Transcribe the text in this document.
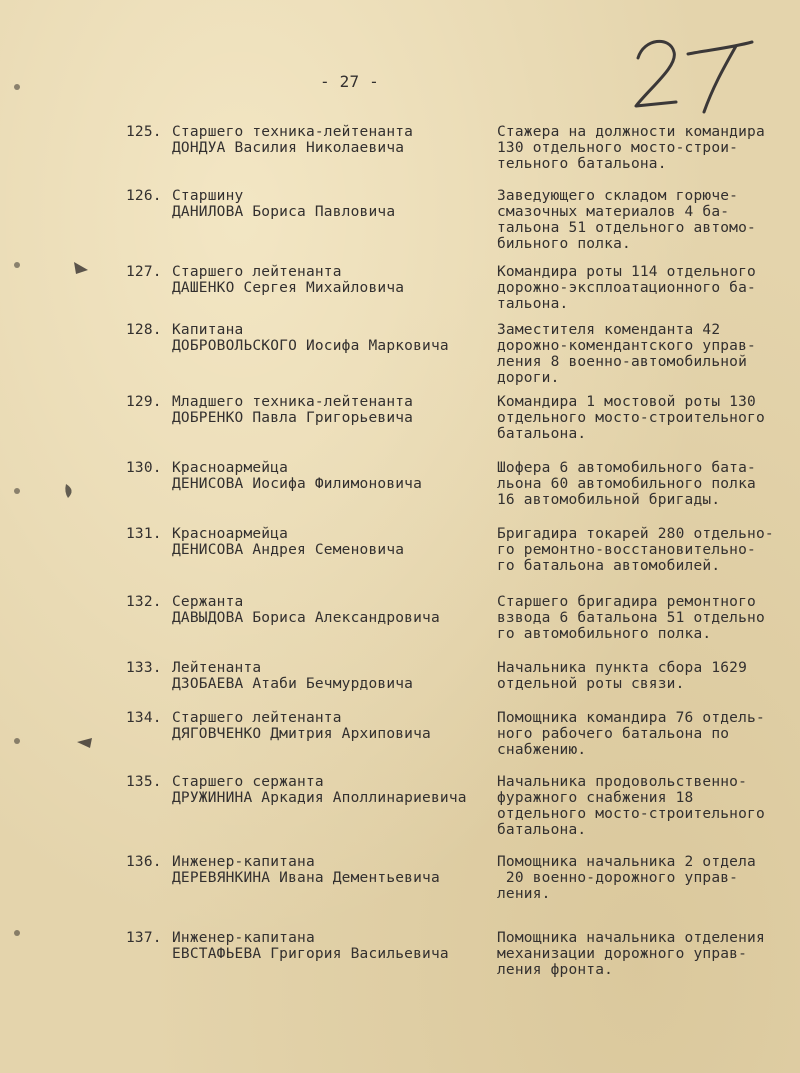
- 27 -
125. Старшего техника-лейтенанта
ДОНДУА Василия Николаевича
Стажера на должности командира
130 отдельного мосто-строи-
тельного батальона.
126. Старшину
ДАНИЛОВА Бориса Павловича
Заведующего складом горюче-
смазочных материалов 4 ба-
тальона 51 отдельного автомо-
бильного полка.
127. Старшего лейтенанта
ДАШЕНКО Сергея Михайловича
Командира роты 114 отдельного
дорожно-эксплоатационного ба-
тальона.
128. Капитана
ДОБРОВОЛЬСКОГО Иосифа Марковича
Заместителя коменданта 42
дорожно-комендантского управ-
ления 8 военно-автомобильной
дороги.
129. Младшего техника-лейтенанта
ДОБРЕНКО Павла Григорьевича
Командира 1 мостовой роты 130
отдельного мосто-строительного
батальона.
130. Красноармейца
ДЕНИСОВА Иосифа Филимоновича
Шофера 6 автомобильного бата-
льона 60 автомобильного полка
16 автомобильной бригады.
131. Красноармейца
ДЕНИСОВА Андрея Семеновича
Бригадира токарей 280 отдельно-
го ремонтно-восстановительно-
го батальона автомобилей.
132. Сержанта
ДАВЫДОВА Бориса Александровича
Старшего бригадира ремонтного
взвода 6 батальона 51 отдельно
го автомобильного полка.
133. Лейтенанта
ДЗОБАЕВА Атаби Бечмурдовича
Начальника пункта сбора 1629
отдельной роты связи.
134. Старшего лейтенанта
ДЯГОВЧЕНКО Дмитрия Архиповича
Помощника командира 76 отдель-
ного рабочего батальона по
снабжению.
135. Старшего сержанта
ДРУЖИНИНА Аркадия Аполлинариевича
Начальника продовольственно-
фуражного снабжения 18
отдельного мосто-строительного
батальона.
136. Инженер-капитана
ДЕРЕВЯНКИНА Ивана Дементьевича
Помощника начальника 2 отдела
20 военно-дорожного управ-
ления.
137. Инженер-капитана
ЕВСТАФЬЕВА Григория Васильевича
Помощника начальника отделения
механизации дорожного управ-
ления фронта.
